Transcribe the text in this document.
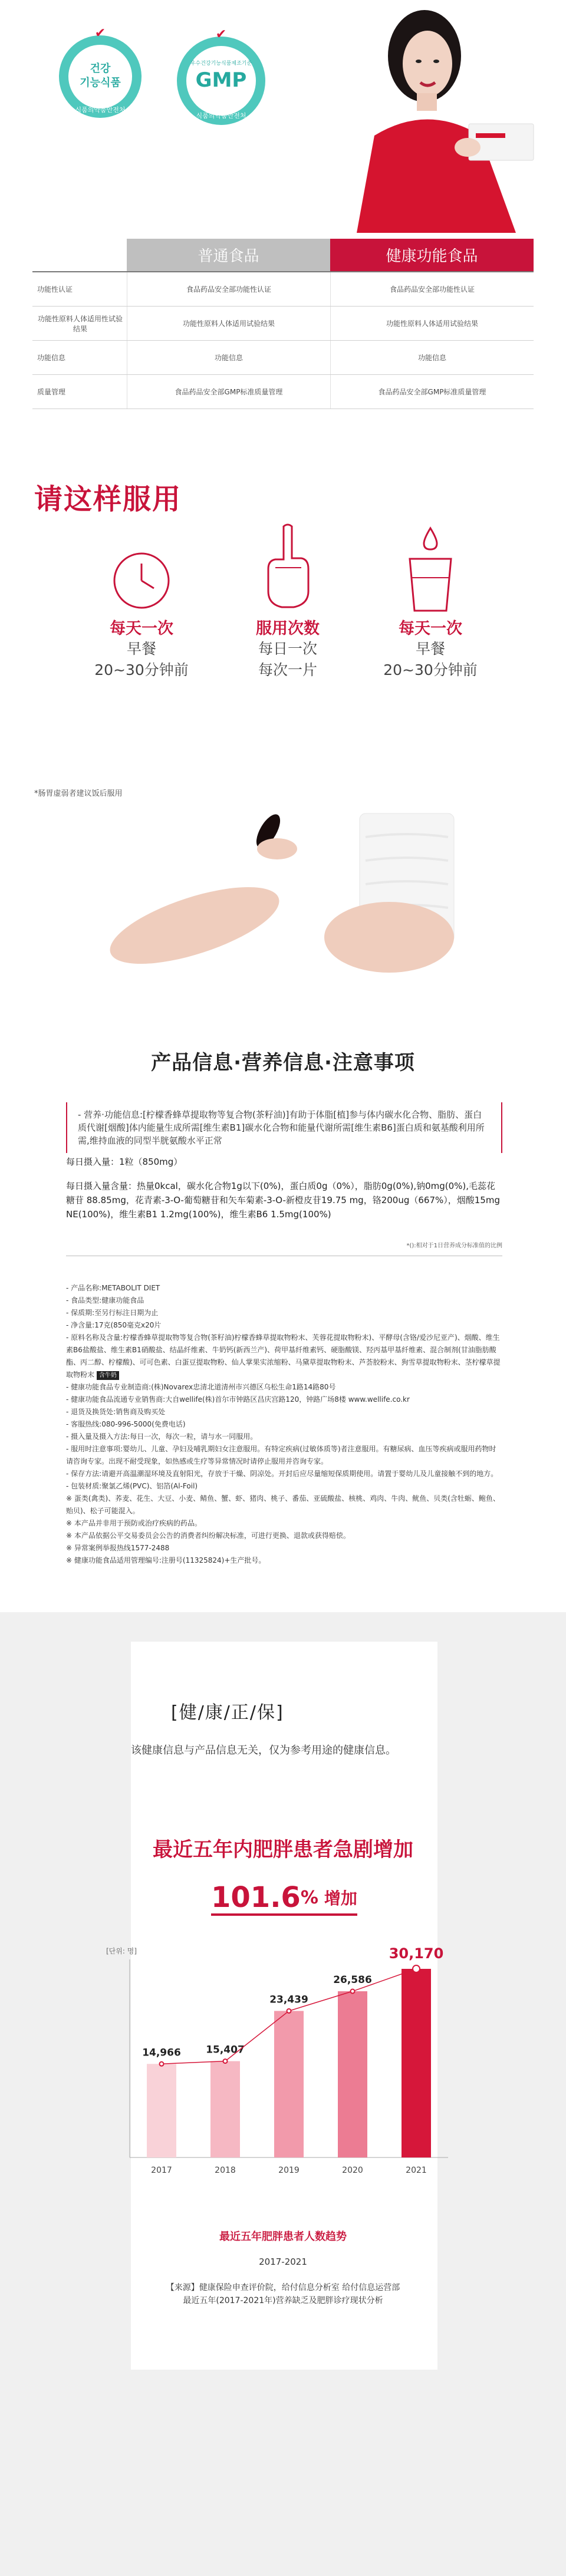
✔
건강
기능식품
식품의약품안전처
✔
우수건강기능식품제조기준
GMP
식품의약품안전처
普通食品	健康功能食品
功能性认证	食品药品安全部功能性认证	食品药品安全部功能性认证
功能性原料人体适用性试验结果
功能性原料人体适用试验结果	功能性原料人体适用试验结果
功能信息	功能信息	功能信息
质量管理	食品药品安全部GMP标准质量管理	食品药品安全部GMP标准质量管理
请这样服用
每天一次
早餐
20~30分钟前
服用次数
每日一次
每次一片
每天一次
早餐
20~30分钟前
*肠胃虚弱者建议饭后服用
产品信息·营养信息·注意事项
- 营养·功能信息:[柠檬香蜂草提取物等复合物(茶籽油)]有助于体脂[植]参与体内碳水化合物、脂肪、蛋白质代谢[烟酸]体内能量生成所需[维生素B1]碳水化合物和能量代谢所需[维生素B6]蛋白质和氨基酸利用所需,维持血液的同型半胱氨酸水平正常
每日摄入量：1粒（850mg）
每日摄入量含量：热量0kcal，碳水化合物1g以下(0%)，蛋白质0g（0%），脂肪0g(0%),钠0mg(0%),毛蕊花糖苷 88.85mg，花青素-3-O-葡萄糖苷和矢车菊素-3-O-新橙皮苷19.75 mg，铬200ug（667%），烟酸15mg NE(100%)，维生素B1 1.2mg(100%)，维生素B6 1.5mg(100%)
*():相对于1日营养成分标准值的比例

- 产品名称:METABOLIT DIET

- 食品类型:健康功能食品

- 保质期:至另行标注日期为止

- 净含量:17克(850毫克x20片

- 原料名称及含量:柠檬香蜂草提取物等复合物(茶籽油)柠檬香蜂草提取物粉末、芙蓉花提取物粉末)、平酵母(含铬/爱沙尼亚产)、烟酸、维生素B6盐酸盐、维生素B1硝酸盐、结晶纤维素、牛奶钙(新西兰产)、荷甲基纤维素钙、硬脂酸镁、羟丙基甲基纤维素、混合制剂(甘油脂肪酸酯、丙二醇、柠檬酸)、可可色素、白蛋豆提取物粉、仙人掌果实浓缩粉、马黛草提取物粉末、芦荟胶粉末、狗雪草提取物粉末、茎柠檬草提取物粉末 含牛奶

- 健康功能食品专业制造商:(株)Novarex忠清北道清州市兴德区乌松生命1路14路80号

- 健康功能食品流通专业销售商:大自wellife(株)首尔市钟路区昌庆宫路120，钟路广场8楼 www.wellife.co.kr

- 退货及换货处:销售商及购买处

- 客服热线:080-996-5000(免费电话)

- 摄入量及摄入方法:每日一次，每次一粒，请与水一同服用。

- 服用时注意事项:婴幼儿、儿童、孕妇及哺乳期妇女注意服用。有特定疾病(过敏体质等)者注意服用。有糖尿病、血压等疾病或服用药物时请咨询专家。出现不耐受现象，如热感或生疗等异常情况时请停止服用并咨询专家。

- 保存方法:请避开高温潮湿环境及直射阳光，存放于干燥、阴凉处。开封后应尽量缩短保质期使用。请置于婴幼儿及儿童接触不到的地方。

- 包装材质:聚氯乙烯(PVC)、铝箔(Al-Foil)

※ 蛋类(禽类)、荞麦、花生、大豆、小麦、鲭鱼、蟹、虾、猪肉、桃子、番茄、亚硫酸盐、核桃、鸡肉、牛肉、鱿鱼、贝类(含牡蛎、鲍鱼、贻贝)、松子可能混入。

※ 本产品并非用于预防或治疗疾病的药品。

※ 本产品依据公平交易委员会公告的消费者纠纷解决标准，可进行更换、退款或获得赔偿。

※ 异常案例举报热线1577-2488

※ 健康功能食品适用管理编号:注册号(11325824)+生产批号。

[健/康/正/保]
该健康信息与产品信息无关，仅为参考用途的健康信息。
最近五年内肥胖患者急剧增加
101.6 % 增加
[단위: 명]
2017
14,966
2018
15,407
2019
23,439
2020
26,586
2021
30,170
最近五年肥胖患者人数趋势
2017-2021
【来源】健康保险申查评价院，给付信息分析室 给付信息运营部
最近五年(2017-2021年)营养缺乏及肥胖诊疗现状分析
